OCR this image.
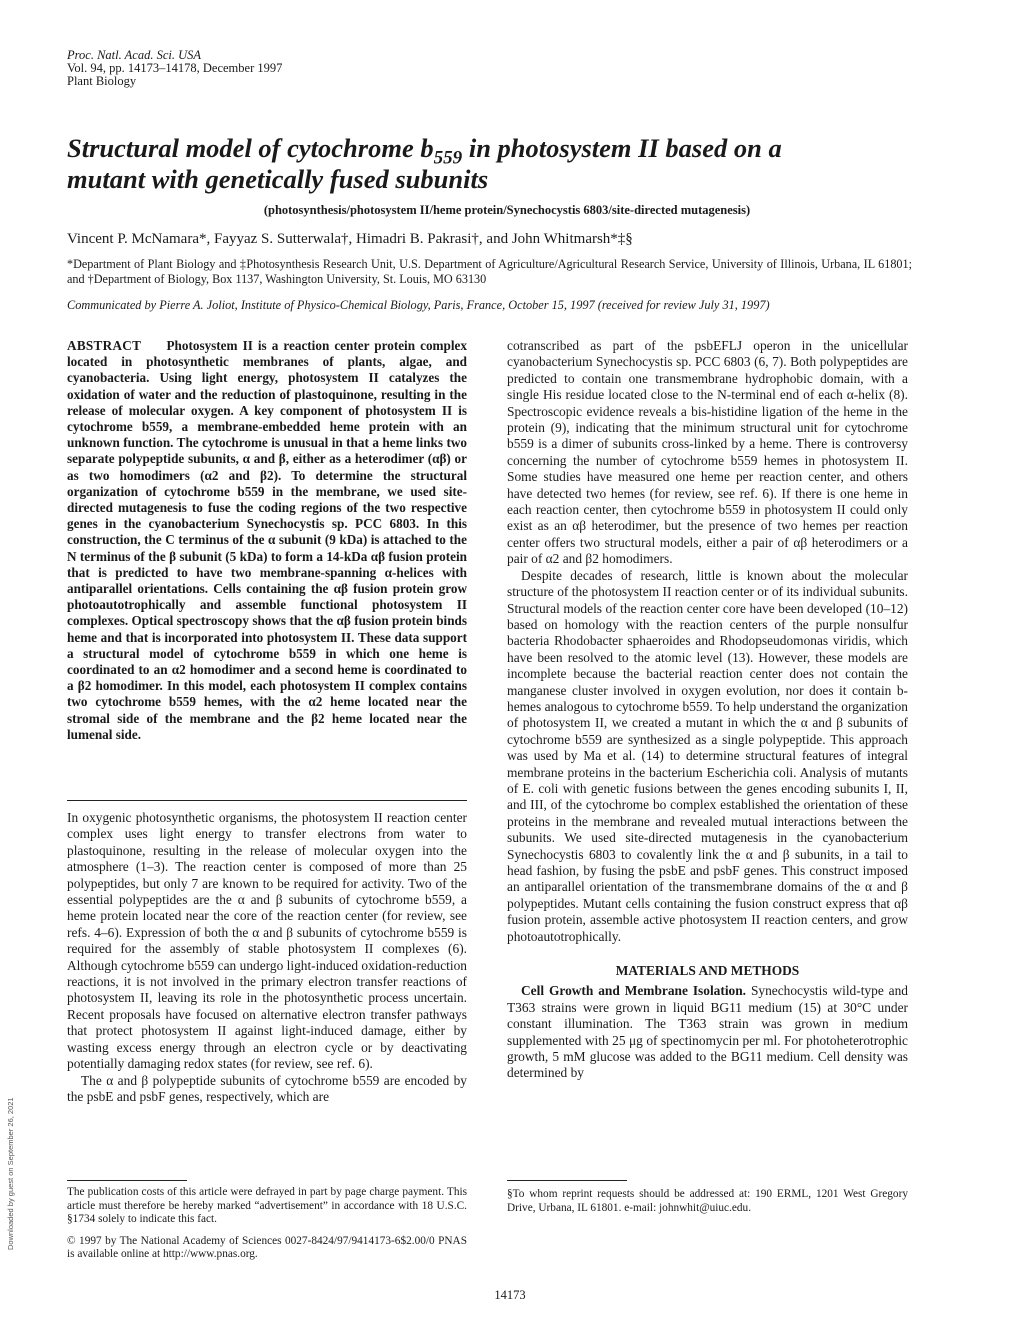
Proc. Natl. Acad. Sci. USA
Vol. 94, pp. 14173–14178, December 1997
Plant Biology
Structural model of cytochrome $b_{559}$ in photosystem II based on a
mutant with genetically fused subunits
(photosynthesis/photosystem II/heme protein/Synechocystis 6803/site-directed mutagenesis)
Vincent P. McNamara*, Fayyaz S. Sutterwala†, Himadri B. Pakrasi†, and John Whitmarsh*‡§
*Department of Plant Biology and ‡Photosynthesis Research Unit, U.S. Department of Agriculture/Agricultural Research Service, University of Illinois, Urbana, IL 61801; and †Department of Biology, Box 1137, Washington University, St. Louis, MO 63130
Communicated by Pierre A. Joliot, Institute of Physico-Chemical Biology, Paris, France, October 15, 1997 (received for review July 31, 1997)

ABSTRACT Photosystem II is a reaction center protein complex located in photosynthetic membranes of plants, algae, and cyanobacteria. Using light energy, photosystem II catalyzes the oxidation of water and the reduction of plastoquinone, resulting in the release of molecular oxygen. A key component of photosystem II is cytochrome b559, a membrane-embedded heme protein with an unknown function. The cytochrome is unusual in that a heme links two separate polypeptide subunits, α and β, either as a heterodimer (αβ) or as two homodimers (α2 and β2). To determine the structural organization of cytochrome b559 in the membrane, we used site-directed mutagenesis to fuse the coding regions of the two respective genes in the cyanobacterium Synechocystis sp. PCC 6803. In this construction, the C terminus of the α subunit (9 kDa) is attached to the N terminus of the β subunit (5 kDa) to form a 14-kDa αβ fusion protein that is predicted to have two membrane-spanning α-helices with antiparallel orientations. Cells containing the αβ fusion protein grow photoautotrophically and assemble functional photosystem II complexes. Optical spectroscopy shows that the αβ fusion protein binds heme and that is incorporated into photosystem II. These data support a structural model of cytochrome b559 in which one heme is coordinated to an α2 homodimer and a second heme is coordinated to a β2 homodimer. In this model, each photosystem II complex contains two cytochrome b559 hemes, with the α2 heme located near the stromal side of the membrane and the β2 heme located near the lumenal side.

In oxygenic photosynthetic organisms, the photosystem II reaction center complex uses light energy to transfer electrons from water to plastoquinone, resulting in the release of molecular oxygen into the atmosphere (1–3). The reaction center is composed of more than 25 polypeptides, but only 7 are known to be required for activity. Two of the essential polypeptides are the α and β subunits of cytochrome b559, a heme protein located near the core of the reaction center (for review, see refs. 4–6). Expression of both the α and β subunits of cytochrome b559 is required for the assembly of stable photosystem II complexes (6). Although cytochrome b559 can undergo light-induced oxidation-reduction reactions, it is not involved in the primary electron transfer reactions of photosystem II, leaving its role in the photosynthetic process uncertain. Recent proposals have focused on alternative electron transfer pathways that protect photosystem II against light-induced damage, either by wasting excess energy through an electron cycle or by deactivating potentially damaging redox states (for review, see ref. 6).

The α and β polypeptide subunits of cytochrome b559 are encoded by the psbE and psbF genes, respectively, which are

The publication costs of this article were defrayed in part by page charge payment. This article must therefore be hereby marked “advertisement” in accordance with 18 U.S.C. §1734 solely to indicate this fact.

© 1997 by The National Academy of Sciences 0027-8424/97/9414173-6$2.00/0 PNAS is available online at http://www.pnas.org.

cotranscribed as part of the psbEFLJ operon in the unicellular cyanobacterium Synechocystis sp. PCC 6803 (6, 7). Both polypeptides are predicted to contain one transmembrane hydrophobic domain, with a single His residue located close to the N-terminal end of each α-helix (8). Spectroscopic evidence reveals a bis-histidine ligation of the heme in the protein (9), indicating that the minimum structural unit for cytochrome b559 is a dimer of subunits cross-linked by a heme. There is controversy concerning the number of cytochrome b559 hemes in photosystem II. Some studies have measured one heme per reaction center, and others have detected two hemes (for review, see ref. 6). If there is one heme in each reaction center, then cytochrome b559 in photosystem II could only exist as an αβ heterodimer, but the presence of two hemes per reaction center offers two structural models, either a pair of αβ heterodimers or a pair of α2 and β2 homodimers.

Despite decades of research, little is known about the molecular structure of the photosystem II reaction center or of its individual subunits. Structural models of the reaction center core have been developed (10–12) based on homology with the reaction centers of the purple nonsulfur bacteria Rhodobacter sphaeroides and Rhodopseudomonas viridis, which have been resolved to the atomic level (13). However, these models are incomplete because the bacterial reaction center does not contain the manganese cluster involved in oxygen evolution, nor does it contain b-hemes analogous to cytochrome b559. To help understand the organization of photosystem II, we created a mutant in which the α and β subunits of cytochrome b559 are synthesized as a single polypeptide. This approach was used by Ma et al. (14) to determine structural features of integral membrane proteins in the bacterium Escherichia coli. Analysis of mutants of E. coli with genetic fusions between the genes encoding subunits I, II, and III, of the cytochrome bo complex established the orientation of these proteins in the membrane and revealed mutual interactions between the subunits. We used site-directed mutagenesis in the cyanobacterium Synechocystis 6803 to covalently link the α and β subunits, in a tail to head fashion, by fusing the psbE and psbF genes. This construct imposed an antiparallel orientation of the transmembrane domains of the α and β polypeptides. Mutant cells containing the fusion construct express that αβ fusion protein, assemble active photosystem II reaction centers, and grow photoautotrophically.

MATERIALS AND METHODS

Cell Growth and Membrane Isolation. Synechocystis wild-type and T363 strains were grown in liquid BG11 medium (15) at 30°C under constant illumination. The T363 strain was grown in medium supplemented with 25 μg of spectinomycin per ml. For photoheterotrophic growth, 5 mM glucose was added to the BG11 medium. Cell density was determined by

§To whom reprint requests should be addressed at: 190 ERML, 1201 West Gregory Drive, Urbana, IL 61801. e-mail: johnwhit@uiuc.edu.

14173
Downloaded by guest on September 26, 2021
